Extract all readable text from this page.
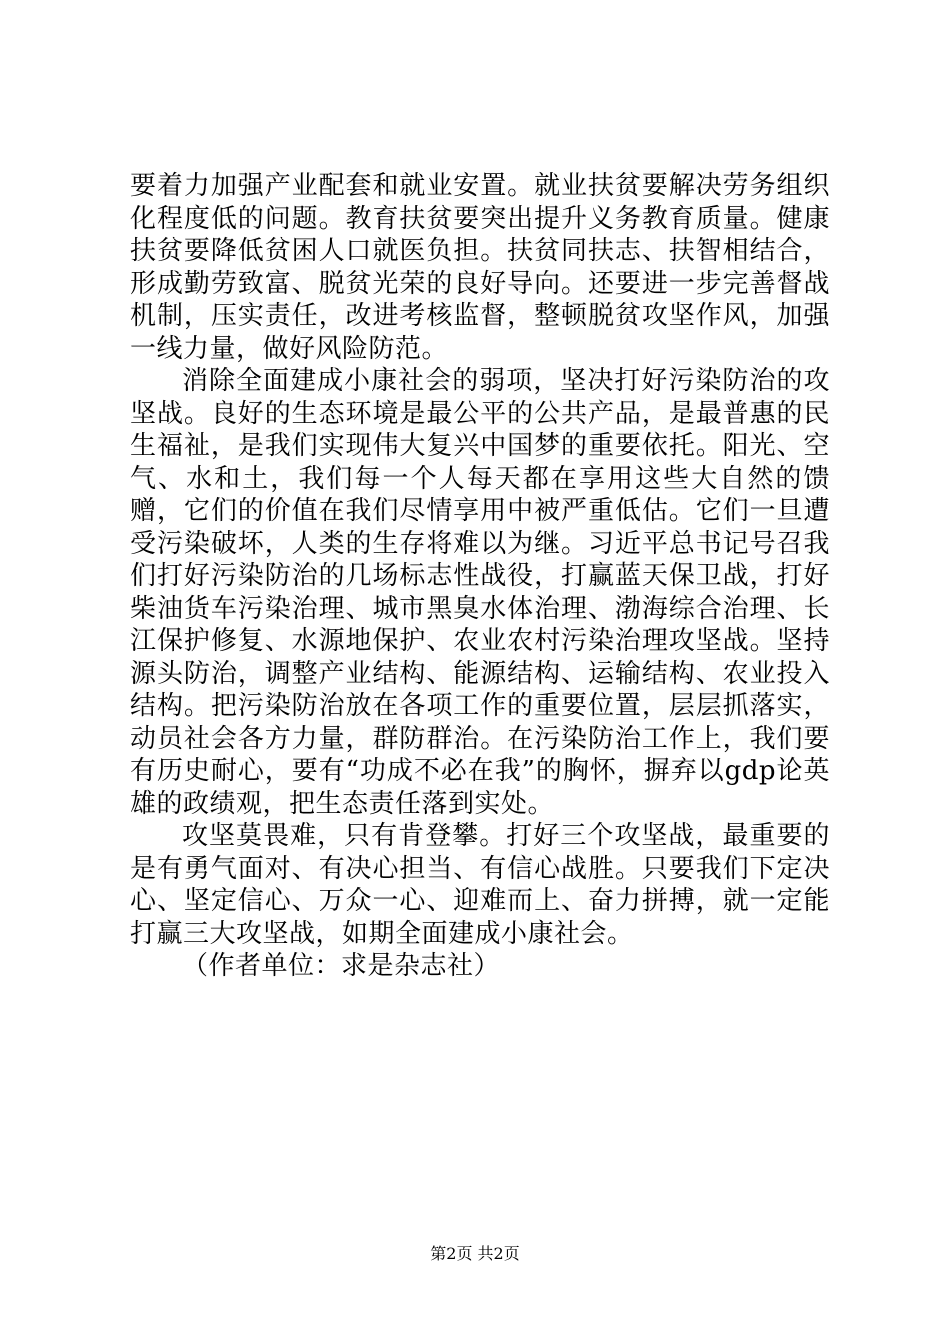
要着力加强产业配套和就业安置。就业扶贫要解决劳务组织化程度低的问题。教育扶贫要突出提升义务教育质量。健康扶贫要降低贫困人口就医负担。扶贫同扶志、扶智相结合，形成勤劳致富、脱贫光荣的良好导向。还要进一步完善督战机制，压实责任，改进考核监督，整顿脱贫攻坚作风，加强一线力量，做好风险防范。

消除全面建成小康社会的弱项，坚决打好污染防治的攻坚战。良好的生态环境是最公平的公共产品，是最普惠的民生福祉，是我们实现伟大复兴中国梦的重要依托。阳光、空气、水和土，我们每一个人每天都在享用这些大自然的馈赠，它们的价值在我们尽情享用中被严重低估。它们一旦遭受污染破坏，人类的生存将难以为继。习近平总书记号召我们打好污染防治的几场标志性战役，打赢蓝天保卫战，打好柴油货车污染治理、城市黑臭水体治理、渤海综合治理、长江保护修复、水源地保护、农业农村污染治理攻坚战。坚持源头防治，调整产业结构、能源结构、运输结构、农业投入结构。把污染防治放在各项工作的重要位置，层层抓落实，动员社会各方力量，群防群治。在污染防治工作上，我们要有历史耐心，要有“功成不必在我”的胸怀，摒弃以gdp论英雄的政绩观，把生态责任落到实处。

攻坚莫畏难，只有肯登攀。打好三个攻坚战，最重要的是有勇气面对、有决心担当、有信心战胜。只要我们下定决心、坚定信心、万众一心、迎难而上、奋力拼搏，就一定能打赢三大攻坚战，如期全面建成小康社会。

（作者单位：求是杂志社）

第2页 共2页
